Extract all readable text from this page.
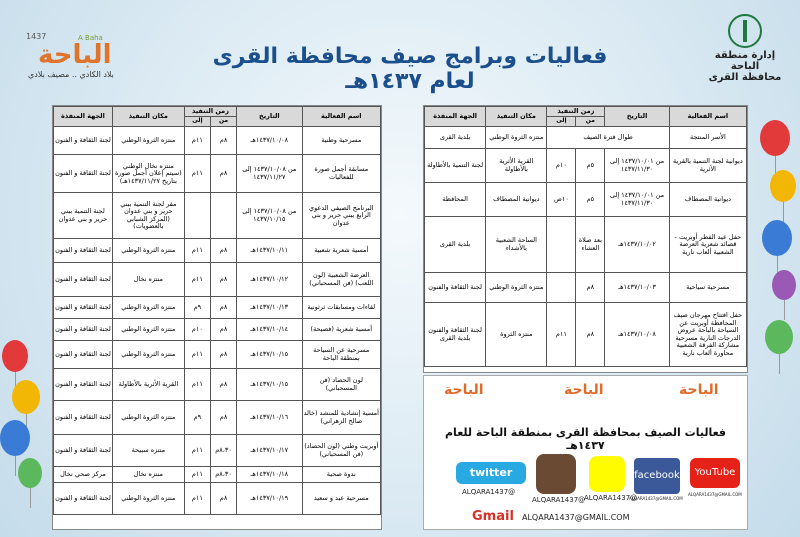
1437	A Baha
الباحة
بلاد الكادي .. مصيف بلادي
فعاليات وبرامج صيف محافظة القرى لعام ١٤٣٧هـ
إدارة منطقة الباحة
محافظة القرى
اسم الفعالية	التاريخ	زمن التنفيذ		مكان التنفيذ	الجهة المنفذة
		من	إلى		
مسرحية وطنية	١٤٣٧/١٠/٠٨هـ	٨م	١١م	منتزه الثروة الوطني	لجنة الثقافة و الفنون
مسابقة أجمل صورة للفعاليات	من ١٤٣٧/١٠/٠٨ إلى ١٤٣٧/١١/٢٧	٨م	١١م	منتزه نخال الوطني (سيتم إعلان أجمل صورة بتاريخ ١٤٣٧/١١/٢٧هـ)	لجنة الثقافة و الفنون
البرنامج الصيفي الدعوي الرابع ببني حرير و بني عدوان	من ١٤٣٧/١٠/٠٨ إلى ١٤٣٧/١٠/١٥			مقر لجنة التنمية ببني حرير و بني عدوان (المركز الشبابي بالعضويات)	لجنة التنمية ببني حرير و بني عدوان
أمسية شعرية شعبية	١٤٣٧/١٠/١١هـ	٨م	١١م	منتزه الثروة الوطني	لجنة الثقافة و الفنون
العرضة الشعبية (لون اللعب) (فن المسحباني)	١٤٣٧/١٠/١٢هـ	٨م	١١م	منتزه نخال	لجنة الثقافة و الفنون
لقاءات ومسابقات ثرثونية	١٤٣٧/١٠/١٣هـ	٨م	٩م	منتزه الثروة الوطني	لجنة الثقافة و الفنون
أمسية شعرية (فصيحة)	١٤٣٧/١٠/١٤هـ	٨م	١٠م	منتزه الثروة الوطني	لجنة الثقافة و الفنون
مسرحية عن السياحة بمنطقة الباحة	١٤٣٧/١٠/١٥هـ	٨م	١١م	منتزه الثروة الوطني	لجنة الثقافة و الفنون
لون الحصاد (فن المسحباني)	١٤٣٧/١٠/١٥هـ	٨م	١١م	القرية الأثرية بالأطاولة	لجنة الثقافة و الفنون
أمسية إنشادية للمنشد (خالد صالح الزهراني)	١٤٣٧/١٠/١٦هـ	٨م	٩م	منتزه الثروة الوطني	لجنة الثقافة و الفنون
أوبريت وطني (لون الحصاد) (فن المسحباني)	١٤٣٧/١٠/١٧هـ	٨،٣٠م	١١م	منتزه سبيحة	لجنة الثقافة و الفنون
ندوة صحية	١٤٣٧/١٠/١٨هـ	٨،٣٠م	١١م	منتزه نخال	مركز صحي نخال
مسرحية عيد و سعيد	١٤٣٧/١٠/١٩هـ	٨م	١١م	منتزه الثروة الوطني	لجنة الثقافة و الفنون
اسم الفعالية	التاريخ	زمن التنفيذ		مكان التنفيذ	الجهة المنفذة
		من	إلى		
الأسر المنتجة	طوال فترة الصيف			منتزه الثروة الوطني	بلدية القرى
ديوانية لجنة التنمية بالقرية الأثرية	من ١٤٣٧/١٠/٠١ إلى ١٤٣٧/١١/٣٠	٥م	١٠م	القرية الأثرية بالأطاولة	لجنة التنمية بالأطاولة
ديوانية المصطاف	من ١٤٣٧/١٠/٠١ إلى ١٤٣٧/١١/٣٠	٥م	١٠ص	ديوانية المصطاف	المحافظة
حفل عيد الفطر أوبريت - قصائد شعرية العرضة الشعبية ألعاب نارية	١٤٣٧/١٠/٠٢هـ	بعد صلاة العشاء		الساحة الشعبية بالأشداء	بلدية القرى
مسرحية سياحية	١٤٣٧/١٠/٠٣هـ	٨م		منتزه الثروة الوطني	لجنة الثقافة والفنون
حفل افتتاح مهرجان صيف المحافظة أوبريت عن السياحة بالباحة عروض الدرجات النارية مسرحية مشاركة الفرقة الشعبية محاورة ألعاب نارية	١٤٣٧/١٠/٠٨هـ	٨م	١١م	منتزه الثروة	لجنة الثقافة والفنون بلدية القرى
الباحة	الباحة	الباحة
فعاليات الصيف بمحافظة القرى بمنطقة الباحة للعام ١٤٣٧هـ
twitter
ALQARA1437@
ALQARA1437@
ALQARA1437@
facebook
ALQARA1437@GMAIL.COM
YouTube
ALQARA1437@GMAIL.COM
Gmail	ALQARA1437@GMAIL.COM
